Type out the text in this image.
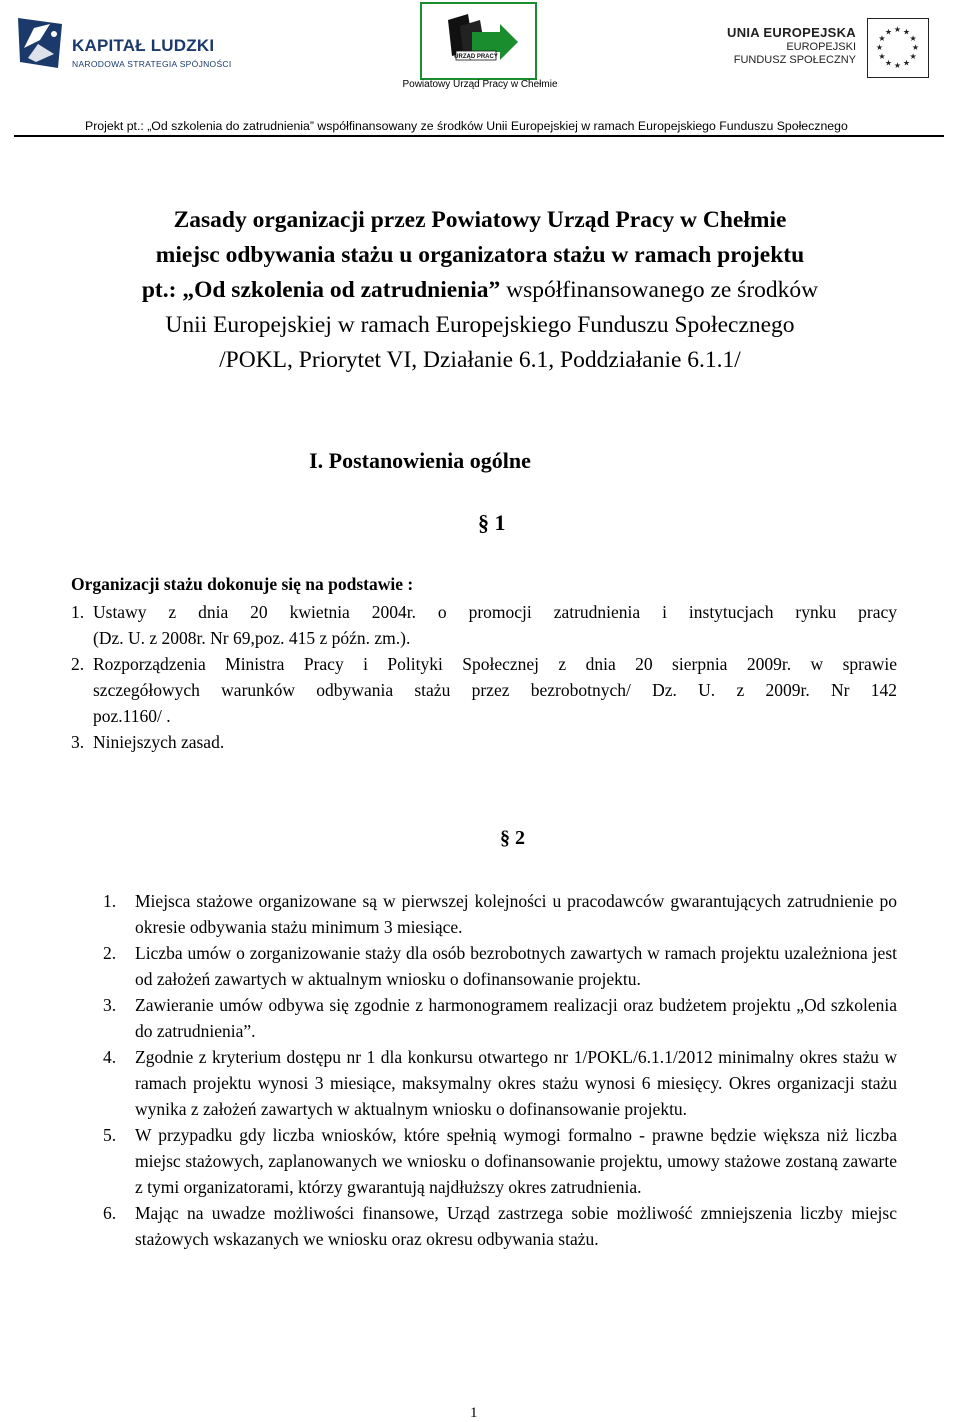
KAPITAŁ LUDZKI
NARODOWA STRATEGIA SPÓJNOŚCI
URZĄD PRACY
Powiatowy Urząd Pracy w Chełmie
UNIA EUROPEJSKA
EUROPEJSKI
FUNDUSZ SPOŁECZNY
★ ★
★
★
★
★
★
★
★
★
★
★
Projekt pt.: „Od szkolenia do zatrudnienia” współfinansowany ze środków Unii Europejskiej w ramach Europejskiego Funduszu Społecznego
Zasady organizacji przez Powiatowy Urząd Pracy w Chełmie
miejsc odbywania stażu u organizatora stażu w ramach projektu
pt.: „Od szkolenia od zatrudnienia” współfinansowanego ze środków
Unii Europejskiej w ramach Europejskiego Funduszu Społecznego
/POKL, Priorytet VI, Działanie 6.1, Poddziałanie 6.1.1/
I. Postanowienia ogólne
§ 1
Organizacji stażu dokonuje się na podstawie :
1. Ustawy z dnia 20 kwietnia 2004r. o promocji zatrudnienia i instytucjach rynku pracy
(Dz. U. z 2008r. Nr 69,poz. 415 z późn. zm.).
2. Rozporządzenia Ministra Pracy i Polityki Społecznej z dnia 20 sierpnia 2009r. w sprawie
szczegółowych warunków odbywania stażu przez bezrobotnych/ Dz. U. z 2009r. Nr 142
poz.1160/ .
3. Niniejszych zasad.
§ 2
1.	Miejsca stażowe organizowane są w pierwszej kolejności u pracodawców gwarantujących zatrudnienie po okresie odbywania stażu minimum 3 miesiące.
2.	Liczba umów o zorganizowanie staży dla osób bezrobotnych zawartych w ramach projektu uzależniona jest od założeń zawartych w aktualnym wniosku o dofinansowanie projektu.
3.	Zawieranie umów odbywa się zgodnie z harmonogramem realizacji oraz budżetem projektu „Od szkolenia do zatrudnienia”.
4.	Zgodnie z kryterium dostępu nr 1 dla konkursu otwartego nr 1/POKL/6.1.1/2012 minimalny okres stażu w ramach projektu wynosi 3 miesiące, maksymalny okres stażu wynosi 6 miesięcy. Okres organizacji stażu wynika z założeń zawartych w aktualnym wniosku o dofinansowanie projektu.
5.	W przypadku gdy liczba wniosków, które spełnią wymogi formalno - prawne będzie większa niż liczba miejsc stażowych, zaplanowanych we wniosku o dofinansowanie projektu, umowy stażowe zostaną zawarte z tymi organizatorami, którzy gwarantują najdłuższy okres zatrudnienia.
6.	Mając na uwadze możliwości finansowe, Urząd zastrzega sobie możliwość zmniejszenia liczby miejsc stażowych wskazanych we wniosku oraz okresu odbywania stażu.
1
